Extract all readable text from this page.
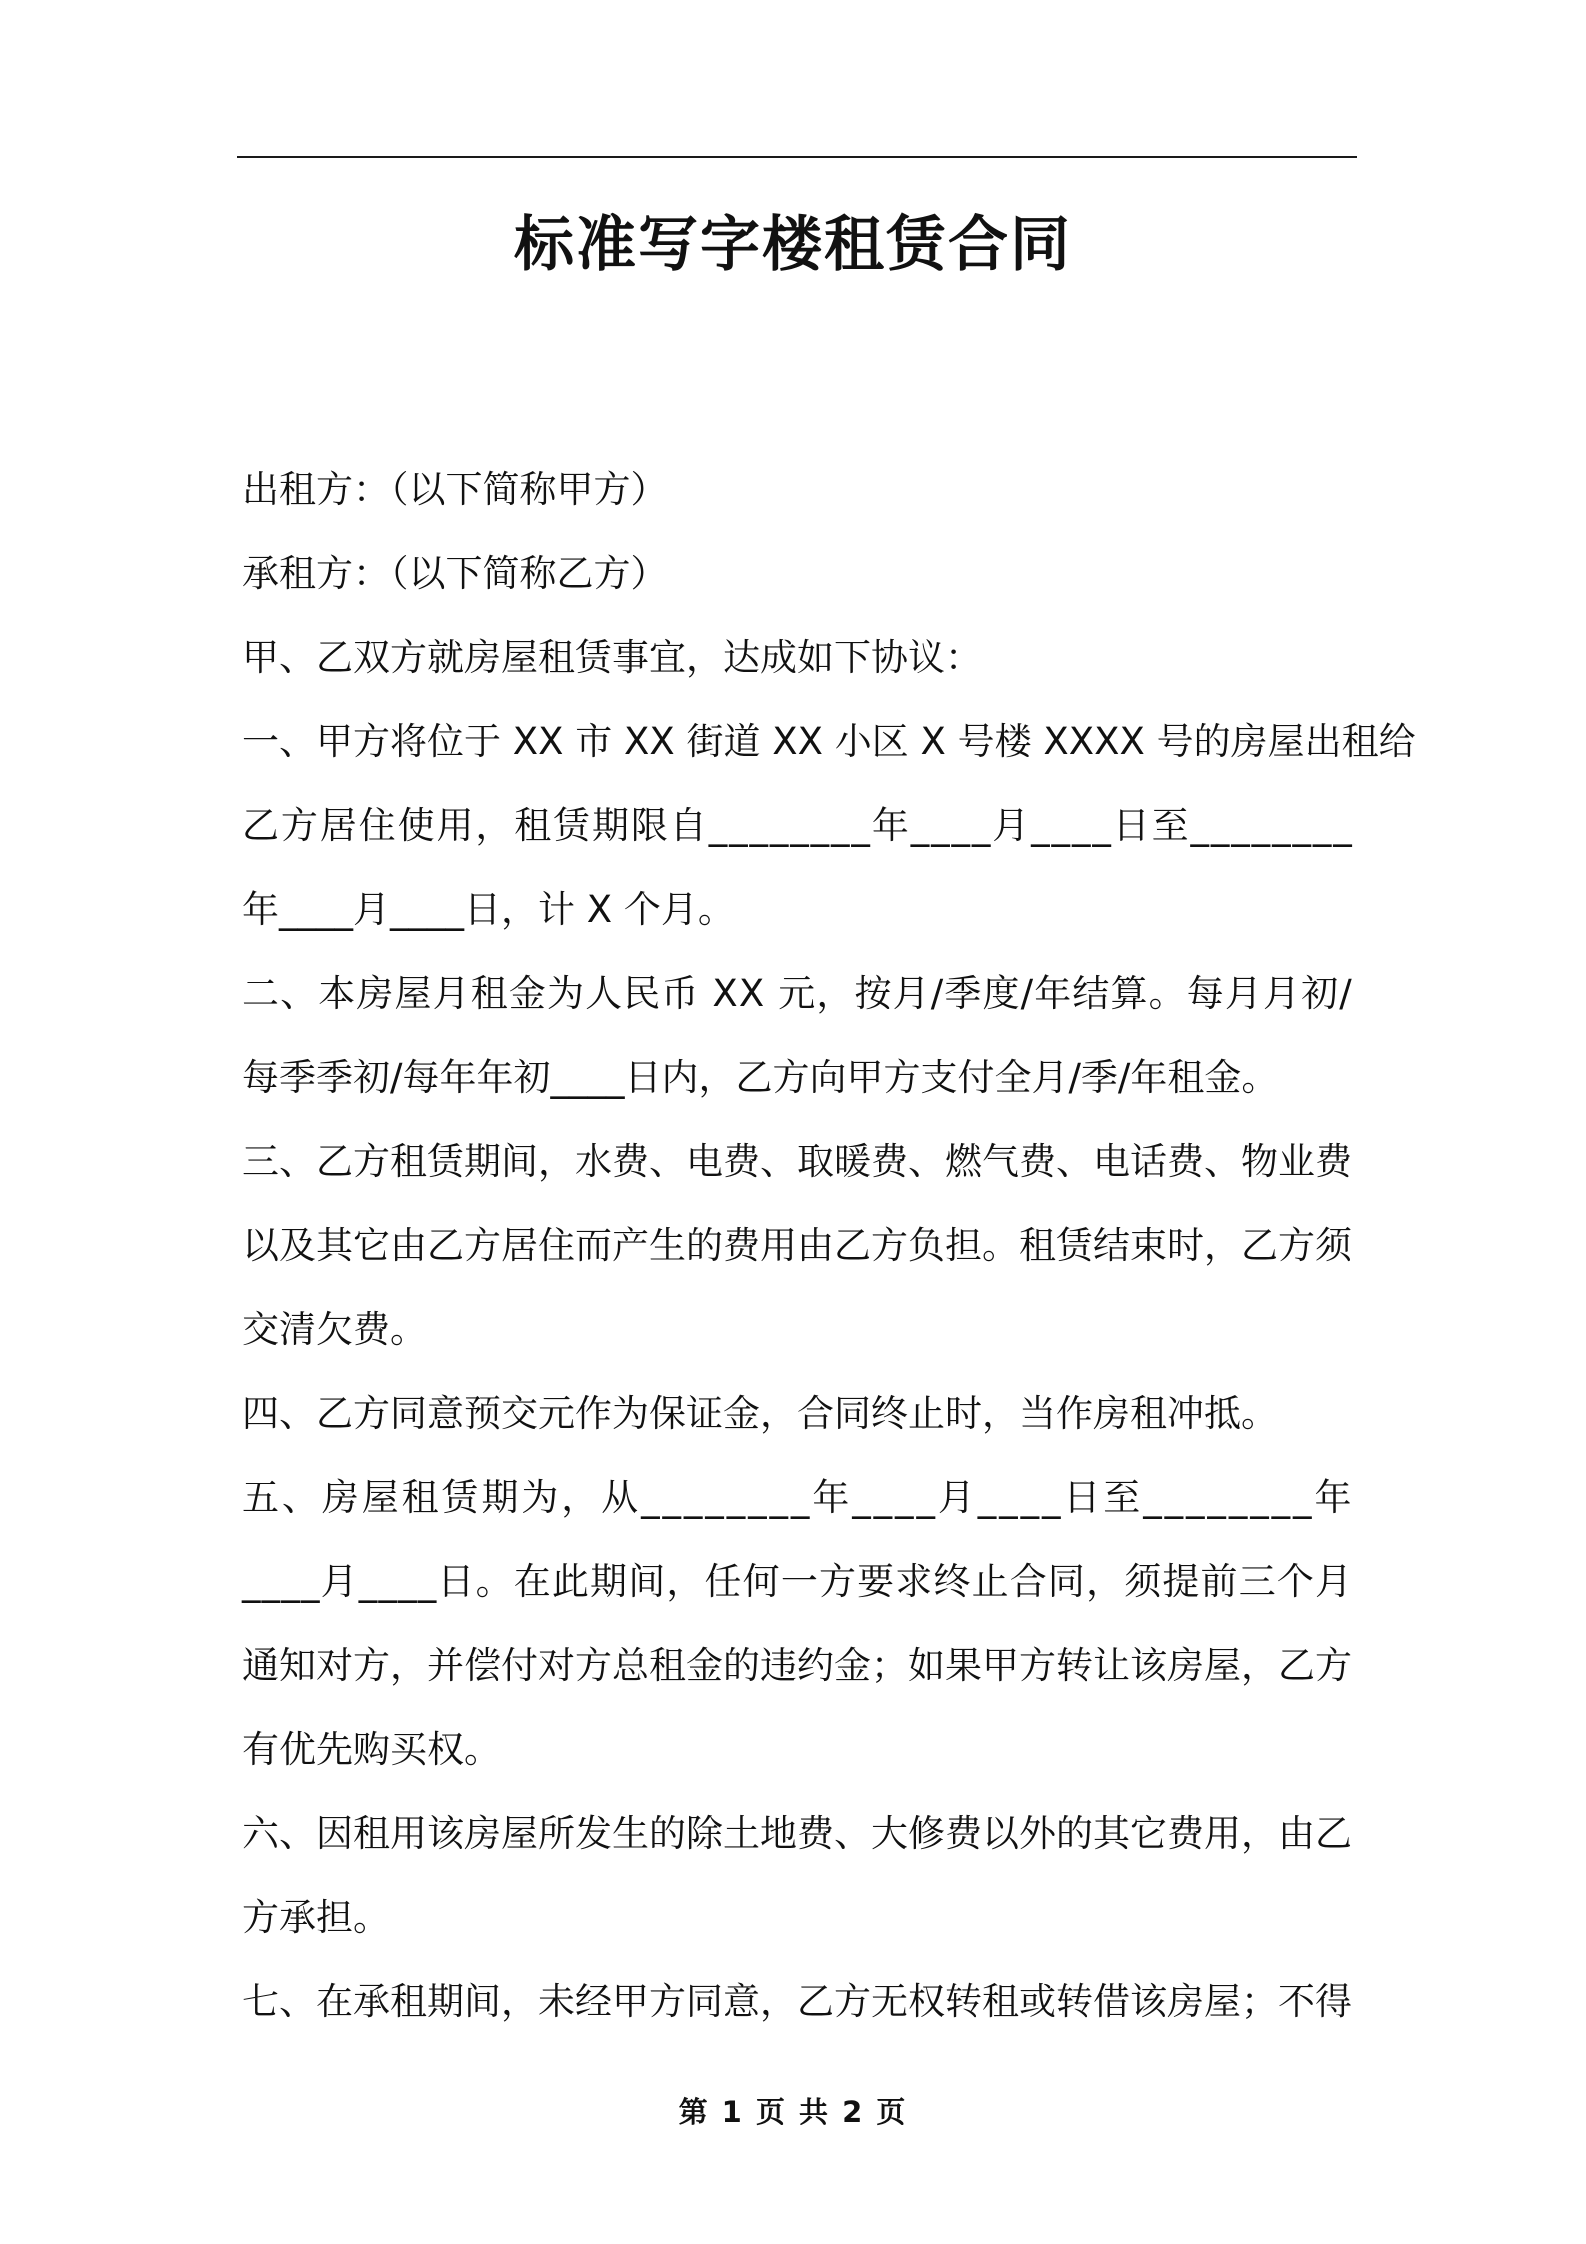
标准写字楼租赁合同
出租方：（以下简称甲方）
承租方：（以下简称乙方）
甲、乙双方就房屋租赁事宜，达成如下协议：
一 、 甲 方 将 位 于
X X
市
X X
街 道
X X
小 区
X
号 楼
X X X X
号 的 房 屋 出 租 给
乙 方 居 住 使 用 ， 租 赁 期 限 自 _ _ _ _ _ _ _ _ 年 _ _ _ _ 月 _ _ _ _ 日 至 _ _ _ _ _ _ _ _
年____月____日，计 X 个月。
二 、 本 房 屋 月 租 金 为 人 民 币
X X
元 ， 按 月 / 季 度 / 年 结 算 。 每 月 月 初 /
每季季初/每年年初____日内，乙方向甲方支付全月/季/年租金。
三 、 乙 方 租 赁 期 间 ， 水 费 、 电 费 、 取 暖 费 、 燃 气 费 、 电 话 费 、 物 业 费
以 及 其 它 由 乙 方 居 住 而 产 生 的 费 用 由 乙 方 负 担 。 租 赁 结 束 时 ， 乙 方 须
交清欠费。
四、乙方同意预交元作为保证金，合同终止时，当作房租冲抵。
五 、 房 屋 租 赁 期 为 ， 从 _ _ _ _ _ _ _ _ 年 _ _ _ _ 月 _ _ _ _ 日 至 _ _ _ _ _ _ _ _ 年
_ _ _ _ 月 _ _ _ _ 日 。 在 此 期 间 ， 任 何 一 方 要 求 终 止 合 同 ， 须 提 前 三 个 月
通 知 对 方 ， 并 偿 付 对 方 总 租 金 的 违 约 金 ； 如 果 甲 方 转 让 该 房 屋 ， 乙 方
有优先购买权。
六 、 因 租 用 该 房 屋 所 发 生 的 除 土 地 费 、 大 修 费 以 外 的 其 它 费 用 ， 由 乙
方承担。
七 、 在 承 租 期 间 ， 未 经 甲 方 同 意 ， 乙 方 无 权 转 租 或 转 借 该 房 屋 ； 不 得
第 1 页 共 2 页
